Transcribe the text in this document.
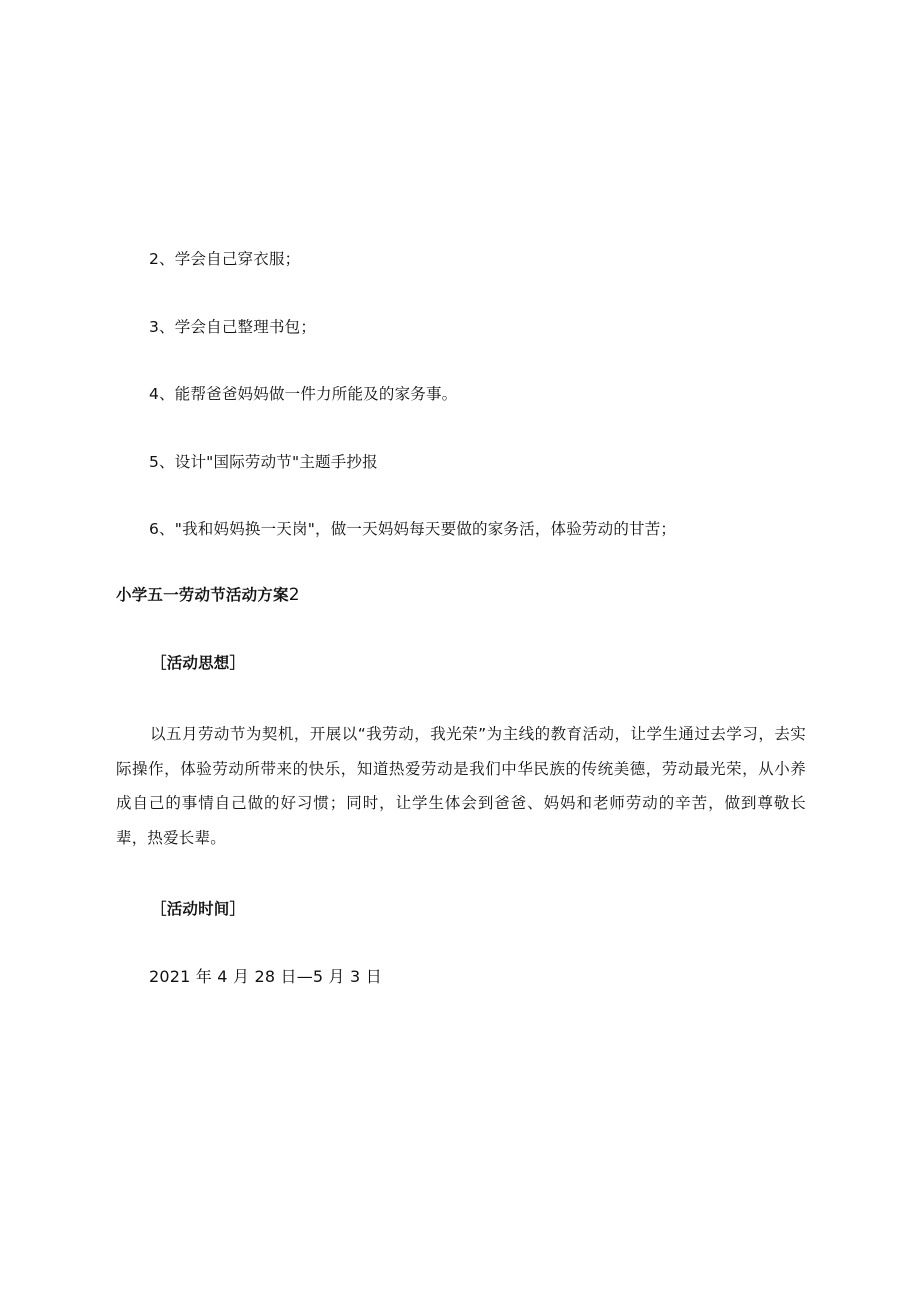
2、学会自己穿衣服；
3、学会自己整理书包；
4、能帮爸爸妈妈做一件力所能及的家务事。
5、设计"国际劳动节"主题手抄报
6、"我和妈妈换一天岗"，做一天妈妈每天要做的家务活，体验劳动的甘苦；
小学五一劳动节活动方案2
［活动思想］
以五月劳动节为契机，开展以“我劳动，我光荣”为主线的教育活动，让学生通过去学习，去实际操作，体验劳动所带来的快乐，知道热爱劳动是我们中华民族的传统美德，劳动最光荣，从小养成自己的事情自己做的好习惯；同时，让学生体会到爸爸、妈妈和老师劳动的辛苦，做到尊敬长辈，热爱长辈。
［活动时间］
2021 年 4 月 28 日—5 月 3 日
